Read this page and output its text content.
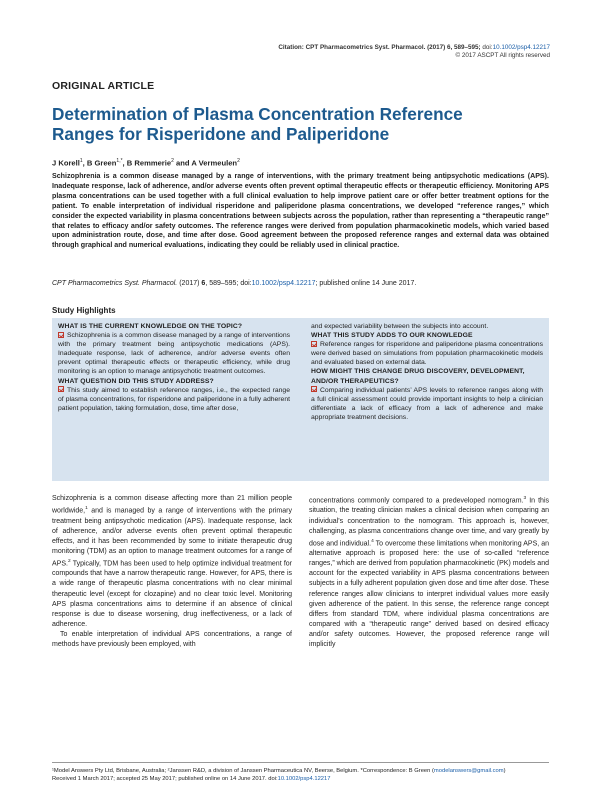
Citation: CPT Pharmacometrics Syst. Pharmacol. (2017) 6, 589–595; doi:10.1002/psp4.12217
© 2017 ASCPT All rights reserved
ORIGINAL ARTICLE
Determination of Plasma Concentration Reference Ranges for Risperidone and Paliperidone
J Korell$^1$, B Green$^{1,*}$, B Remmerie$^2$ and A Vermeulen$^2$
Schizophrenia is a common disease managed by a range of interventions, with the primary treatment being antipsychotic medications (APS). Inadequate response, lack of adherence, and/or adverse events often prevent optimal therapeutic effects or therapeutic efficiency. Monitoring APS plasma concentrations can be used together with a full clinical evaluation to help improve patient care or offer better treatment options for the patient. To enable interpretation of individual risperidone and paliperidone plasma concentrations, we developed “reference ranges,” which consider the expected variability in plasma concentrations between subjects across the population, rather than representing a “therapeutic range” that relates to efficacy and/or safety outcomes. The reference ranges were derived from population pharmacokinetic models, which varied based upon administration route, dose, and time after dose. Good agreement between the proposed reference ranges and external data was obtained through graphical and numerical evaluations, indicating they could be reliably used in clinical practice.
CPT Pharmacometrics Syst. Pharmacol. (2017) 6, 589–595; doi:10.1002/psp4.12217; published online 14 June 2017.
Study Highlights
WHAT IS THE CURRENT KNOWLEDGE ON THE TOPIC?
Schizophrenia is a common disease managed by a range of interventions with the primary treatment being antipsychotic medications (APS). Inadequate response, lack of adherence, and/or adverse events often prevent optimal therapeutic effects or therapeutic efficiency, while drug monitoring is an option to manage antipsychotic treatment outcomes.
WHAT QUESTION DID THIS STUDY ADDRESS?
This study aimed to establish reference ranges, i.e., the expected range of plasma concentrations, for risperidone and paliperidone in a fully adherent patient population, taking formulation, dose, time after dose,
and expected variability between the subjects into account.
WHAT THIS STUDY ADDS TO OUR KNOWLEDGE
Reference ranges for risperidone and paliperidone plasma concentrations were derived based on simulations from population pharmacokinetic models and evaluated based on external data.
HOW MIGHT THIS CHANGE DRUG DISCOVERY, DEVELOPMENT, AND/OR THERAPEUTICS?
Comparing individual patients’ APS levels to reference ranges along with a full clinical assessment could provide important insights to help a clinician differentiate a lack of efficacy from a lack of adherence and make appropriate treatment decisions.

Schizophrenia is a common disease affecting more than 21 million people worldwide,$^1$ and is managed by a range of interventions with the primary treatment being antipsychotic medication (APS). Inadequate response, lack of adherence, and/or adverse events often prevent optimal therapeutic effects, and it has been recommended by some to initiate therapeutic drug monitoring (TDM) as an option to manage treatment outcomes for a range of APS.$^2$ Typically, TDM has been used to help optimize individual treatment for compounds that have a narrow therapeutic range. However, for APS, there is a wide range of therapeutic plasma concentrations with no clear minimal therapeutic level (except for clozapine) and no clear toxic level. Monitoring APS plasma concentrations aims to determine if an absence of clinical response is due to disease worsening, drug ineffectiveness, or a lack of adherence.

To enable interpretation of individual APS concentrations, a range of methods have previously been employed, with

concentrations commonly compared to a predeveloped nomogram.$^3$ In this situation, the treating clinician makes a clinical decision when comparing an individual’s concentration to the nomogram. This approach is, however, challenging, as plasma concentrations change over time, and vary greatly by dose and individual.$^4$ To overcome these limitations when monitoring APS, an alternative approach is proposed here: the use of so-called “reference ranges,” which are derived from population pharmacokinetic (PK) models and account for the expected variability in APS plasma concentrations between subjects in a fully adherent population given dose and time after dose. These reference ranges allow clinicians to interpret individual values more easily given adherence of the patient. In this sense, the reference range concept differs from standard TDM, where individual plasma concentrations are compared with a “therapeutic range” derived based on desired efficacy and/or safety outcomes. However, the proposed reference range will implicitly

¹Model Answers Pty Ltd, Brisbane, Australia; ²Janssen R&D, a division of Janssen Pharmaceutica NV, Beerse, Belgium. *Correspondence: B Green (modelanswers@gmail.com)
Received 1 March 2017; accepted 25 May 2017; published online on 14 June 2017. doi:10.1002/psp4.12217
